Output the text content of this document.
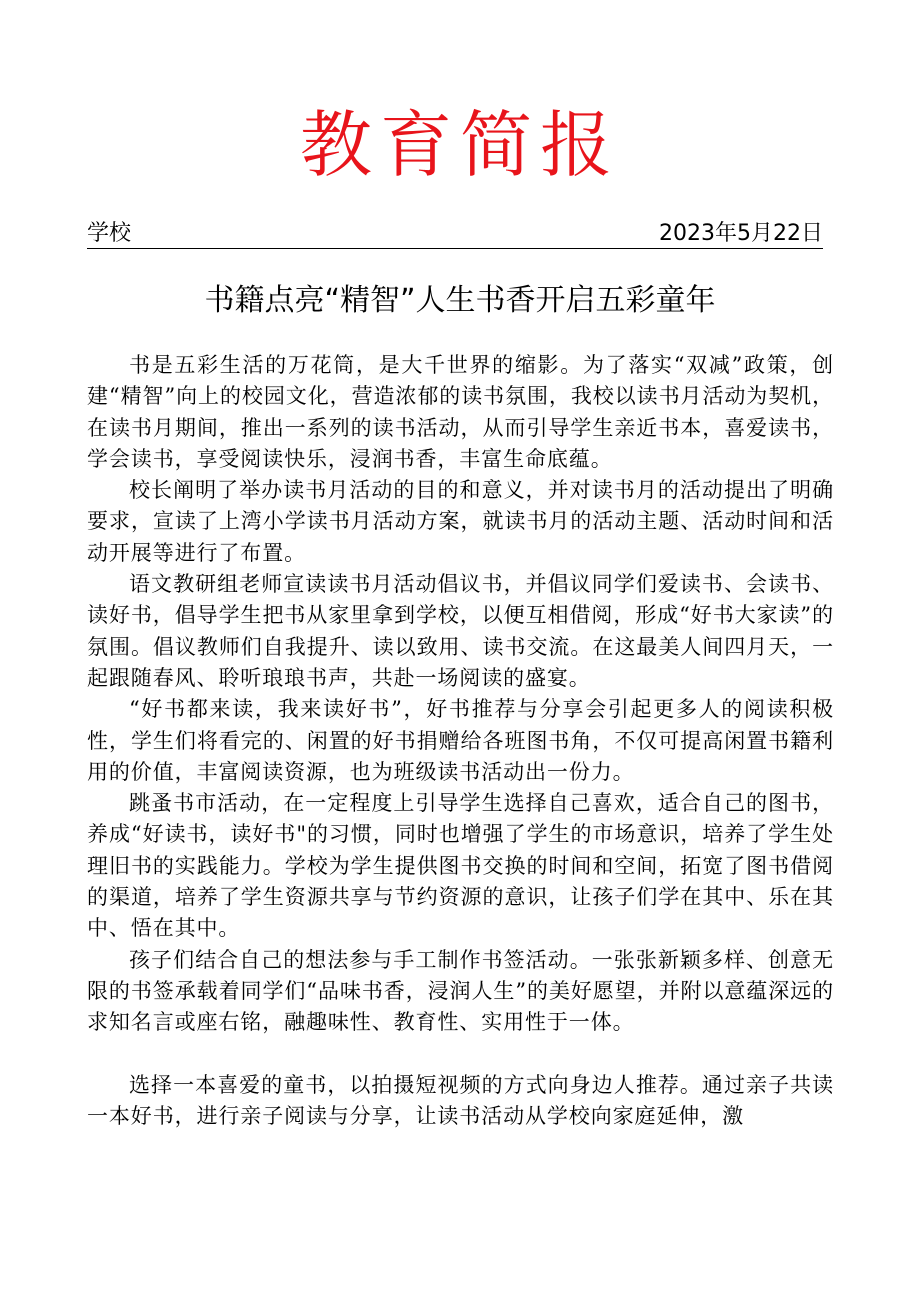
教育简报
学校	2023年5月22日
书籍点亮“精智”人生书香开启五彩童年

书是五彩生活的万花筒，是大千世界的缩影。为了落实“双减”政策，创建“精智”向上的校园文化，营造浓郁的读书氛围，我校以读书月活动为契机，在读书月期间，推出一系列的读书活动，从而引导学生亲近书本，喜爱读书，学会读书，享受阅读快乐，浸润书香，丰富生命底蕴。

校长阐明了举办读书月活动的目的和意义，并对读书月的活动提出了明确要求，宣读了上湾小学读书月活动方案，就读书月的活动主题、活动时间和活动开展等进行了布置。

语文教研组老师宣读读书月活动倡议书，并倡议同学们爱读书、会读书、读好书，倡导学生把书从家里拿到学校，以便互相借阅，形成“好书大家读”的氛围。倡议教师们自我提升、读以致用、读书交流。在这最美人间四月天，一起跟随春风、聆听琅琅书声，共赴一场阅读的盛宴。

“好书都来读，我来读好书”，好书推荐与分享会引起更多人的阅读积极性，学生们将看完的、闲置的好书捐赠给各班图书角，不仅可提高闲置书籍利用的价值，丰富阅读资源，也为班级读书活动出一份力。

跳蚤书市活动，在一定程度上引导学生选择自己喜欢，适合自己的图书，养成“好读书，读好书"的习惯，同时也增强了学生的市场意识，培养了学生处理旧书的实践能力。学校为学生提供图书交换的时间和空间，拓宽了图书借阅的渠道，培养了学生资源共享与节约资源的意识，让孩子们学在其中、乐在其中、悟在其中。

孩子们结合自己的想法参与手工制作书签活动。一张张新颖多样、创意无限的书签承载着同学们“品味书香，浸润人生”的美好愿望，并附以意蕴深远的求知名言或座右铭，融趣味性、教育性、实用性于一体。

选择一本喜爱的童书，以拍摄短视频的方式向身边人推荐。通过亲子共读一本好书，进行亲子阅读与分享，让读书活动从学校向家庭延伸，激
